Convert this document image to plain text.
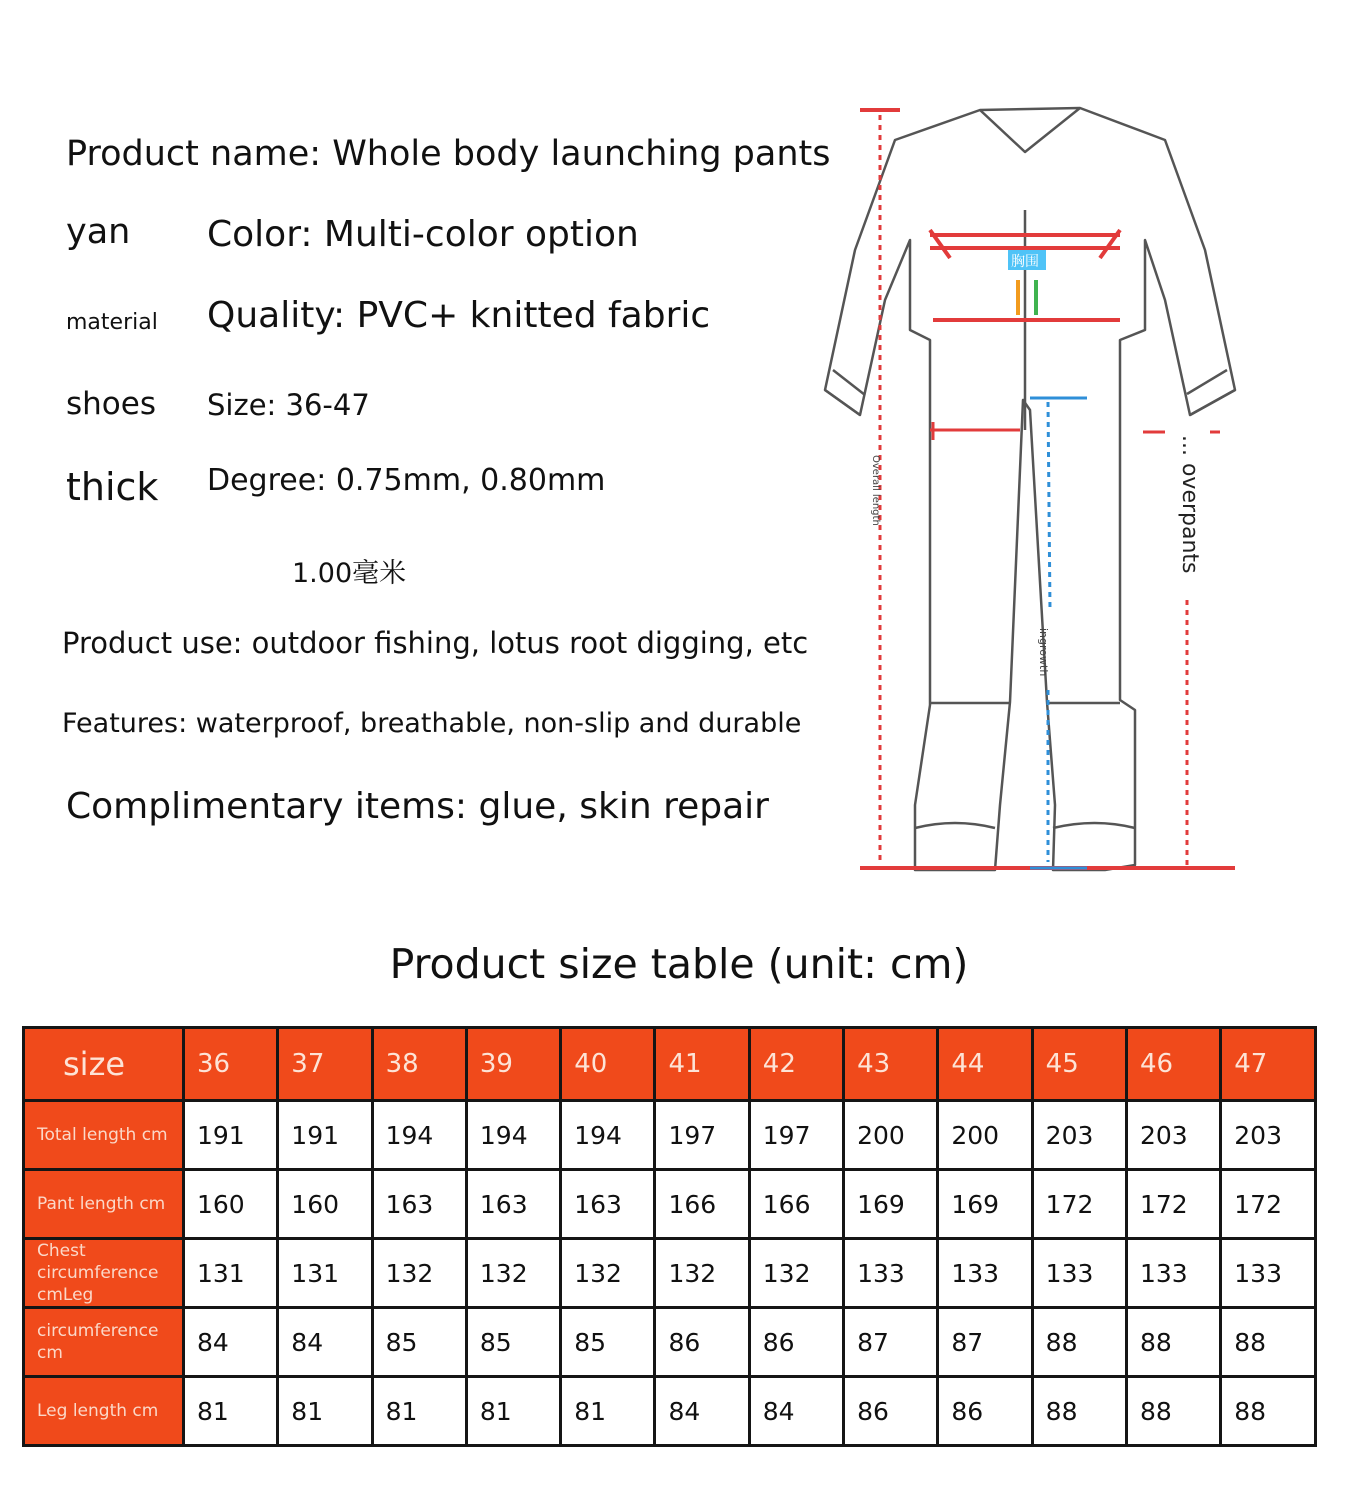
Product name: Whole body launching pants
yan Color: Multi-color option
material Quality: PVC+ knitted fabric
shoes Size: 36-47
thick Degree: 0.75mm, 0.80mm
1.00毫米
Product use: outdoor fishing, lotus root digging, etc
Features: waterproof, breathable, non-slip and durable
Complimentary items: glue, skin repair
胸围
Overall length	... overpants
ingrowth
Product size table (unit: cm)
size	36	37	38	39	40	41	42	43	44	45	46	47
Total length cm	191	191	194	194	194	197	197	200	200	203	203	203
Pant length cm	160	160	163	163	163	166	166	169	169	172	172	172
Chest circumference cmLeg	131	131	132	132	132	132	132	133	133	133	133	133
circumference cm	84	84	85	85	85	86	86	87	87	88	88	88
Leg length cm	81	81	81	81	81	84	84	86	86	88	88	88
